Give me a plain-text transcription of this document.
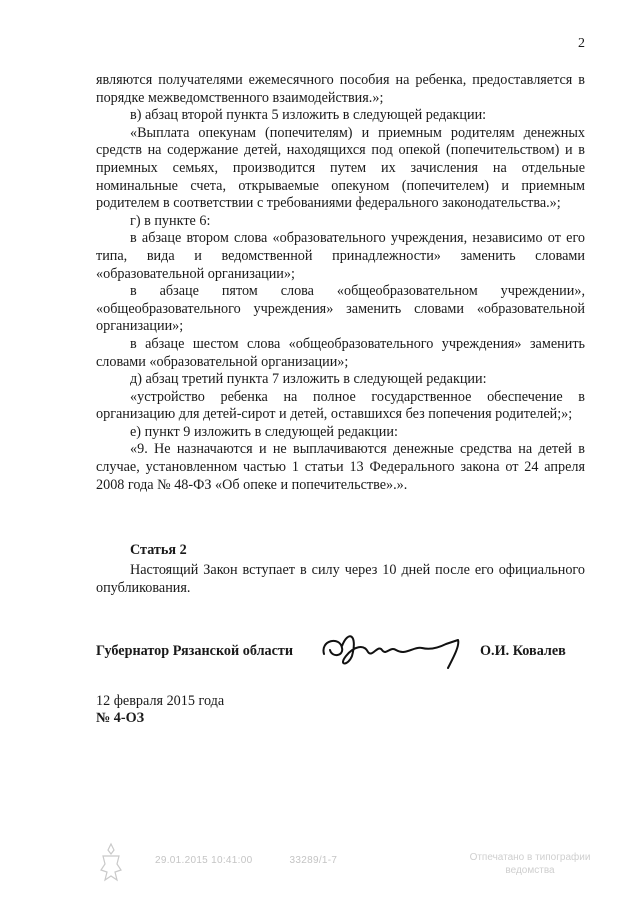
2

являются получателями ежемесячного пособия на ребенка, предоставляется в порядке межведомственного взаимодействия.»;

в) абзац второй пункта 5 изложить в следующей редакции:

«Выплата опекунам (попечителям) и приемным родителям денежных средств на содержание детей, находящихся под опекой (попечительством) и в приемных семьях, производится путем их зачисления на отдельные номинальные счета, открываемые опекуном (попечителем) и приемным родителем в соответствии с требованиями федерального законодательства.»;

г) в пункте 6:

в абзаце втором слова «образовательного учреждения, независимо от его типа, вида и ведомственной принадлежности» заменить словами «образовательной организации»;

в абзаце пятом слова «общеобразовательном учреждении», «общеобразовательного учреждения» заменить словами «образовательной организации»;

в абзаце шестом слова «общеобразовательного учреждения» заменить словами «образовательной организации»;

д) абзац третий пункта 7 изложить в следующей редакции:

«устройство ребенка на полное государственное обеспечение в организацию для детей-сирот и детей, оставшихся без попечения родителей;»;

е) пункт 9 изложить в следующей редакции:

«9. Не назначаются и не выплачиваются денежные средства на детей в случае, установленном частью 1 статьи 13 Федерального закона от 24 апреля 2008 года № 48-ФЗ «Об опеке и попечительстве».».

Статья 2

Настоящий Закон вступает в силу через 10 дней после его официального опубликования.

Губернатор Рязанской области	О.И. Ковалев
12 февраля 2015 года
№ 4-ОЗ
29.01.2015 10:41:00	33289/1-7	Отпечатано в типографии
ведомства
